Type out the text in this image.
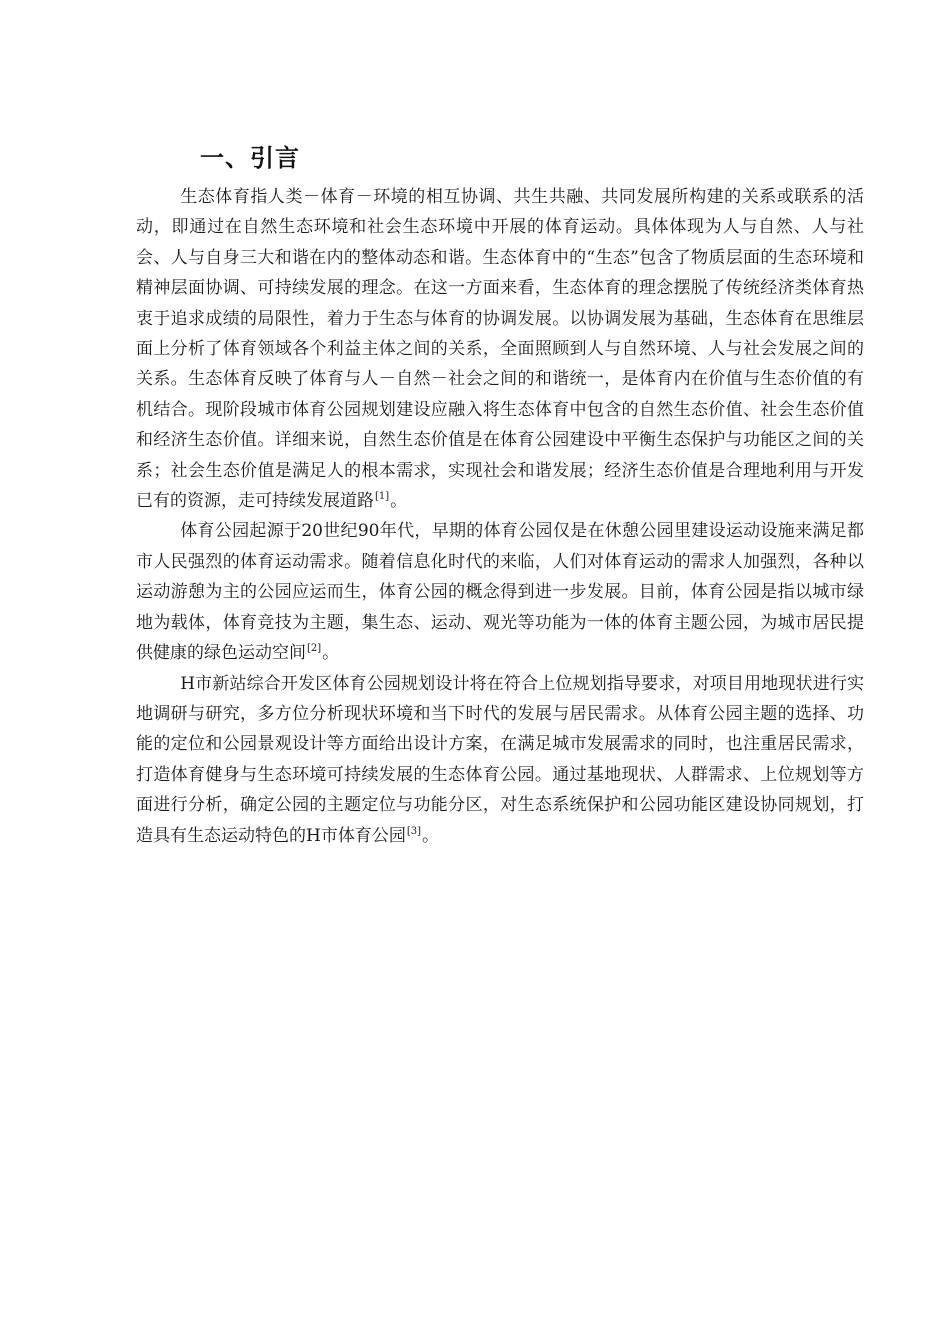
一、引言

生态体育指人类－体育－环境的相互协调、共生共融、共同发展所构建的关系或联系的活动，即通过在自然生态环境和社会生态环境中开展的体育运动。具体体现为人与自然、人与社会、人与自身三大和谐在内的整体动态和谐。生态体育中的“生态”包含了物质层面的生态环境和精神层面协调、可持续发展的理念。在这一方面来看，生态体育的理念摆脱了传统经济类体育热衷于追求成绩的局限性，着力于生态与体育的协调发展。以协调发展为基础，生态体育在思维层面上分析了体育领域各个利益主体之间的关系，全面照顾到人与自然环境、人与社会发展之间的关系。生态体育反映了体育与人－自然－社会之间的和谐统一，是体育内在价值与生态价值的有机结合。现阶段城市体育公园规划建设应融入将生态体育中包含的自然生态价值、社会生态价值和经济生态价值。详细来说，自然生态价值是在体育公园建设中平衡生态保护与功能区之间的关系；社会生态价值是满足人的根本需求，实现社会和谐发展；经济生态价值是合理地利用与开发已有的资源，走可持续发展道路[1]。

体育公园起源于20世纪90年代，早期的体育公园仅是在休憩公园里建设运动设施来满足都市人民强烈的体育运动需求。随着信息化时代的来临，人们对体育运动的需求人加强烈，各种以运动游憩为主的公园应运而生，体育公园的概念得到进一步发展。目前，体育公园是指以城市绿地为载体，体育竞技为主题，集生态、运动、观光等功能为一体的体育主题公园，为城市居民提供健康的绿色运动空间[2]。

H市新站综合开发区体育公园规划设计将在符合上位规划指导要求，对项目用地现状进行实地调研与研究，多方位分析现状环境和当下时代的发展与居民需求。从体育公园主题的选择、功能的定位和公园景观设计等方面给出设计方案，在满足城市发展需求的同时，也注重居民需求，打造体育健身与生态环境可持续发展的生态体育公园。通过基地现状、人群需求、上位规划等方面进行分析，确定公园的主题定位与功能分区，对生态系统保护和公园功能区建设协同规划，打造具有生态运动特色的H市体育公园[3]。
